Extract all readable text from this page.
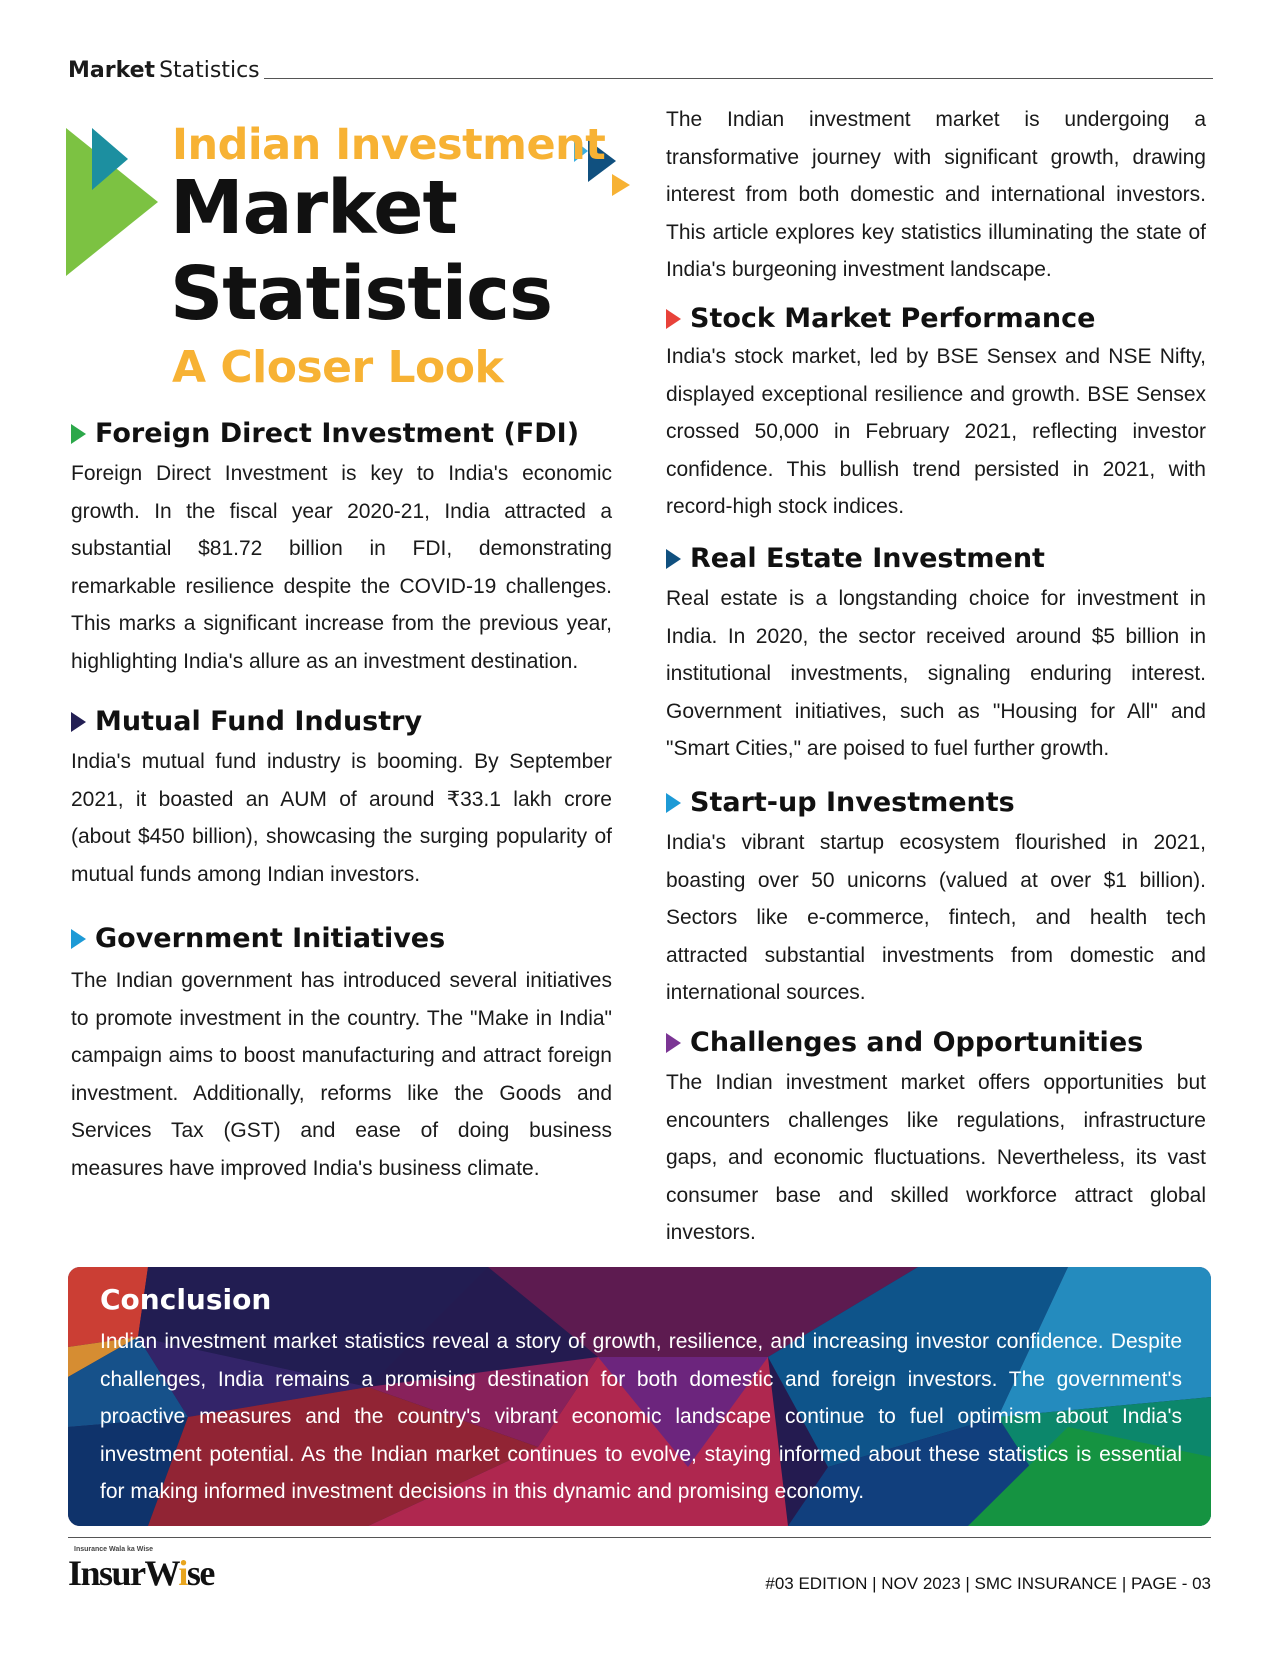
Market Statistics
Indian Investment
Market
Statistics
A Closer Look
Foreign Direct Investment (FDI)
Foreign Direct Investment is key to India's economic growth. In the fiscal year 2020-21, India attracted a substantial $81.72 billion in FDI, demonstrating remarkable resilience despite the COVID-19 challenges. This marks a significant increase from the previous year, highlighting India's allure as an investment destination.
Mutual Fund Industry
India's mutual fund industry is booming. By September 2021, it boasted an AUM of around ₹33.1 lakh crore (about $450 billion), showcasing the surging popularity of mutual funds among Indian investors.
Government Initiatives
The Indian government has introduced several initiatives to promote investment in the country. The "Make in India" campaign aims to boost manufacturing and attract foreign investment. Additionally, reforms like the Goods and Services Tax (GST) and ease of doing business measures have improved India's business climate.
The Indian investment market is undergoing a transformative journey with significant growth, drawing interest from both domestic and international investors. This article explores key statistics illuminating the state of India's burgeoning investment landscape.
Stock Market Performance
India's stock market, led by BSE Sensex and NSE Nifty, displayed exceptional resilience and growth. BSE Sensex crossed 50,000 in February 2021, reflecting investor confidence. This bullish trend persisted in 2021, with record-high stock indices.
Real Estate Investment
Real estate is a longstanding choice for investment in India. In 2020, the sector received around $5 billion in institutional investments, signaling enduring interest. Government initiatives, such as "Housing for All" and "Smart Cities," are poised to fuel further growth.
Start-up Investments
India's vibrant startup ecosystem flourished in 2021, boasting over 50 unicorns (valued at over $1 billion). Sectors like e-commerce, fintech, and health tech attracted substantial investments from domestic and international sources.
Challenges and Opportunities
The Indian investment market offers opportunities but encounters challenges like regulations, infrastructure gaps, and economic fluctuations. Nevertheless, its vast consumer base and skilled workforce attract global investors.
Conclusion
Indian investment market statistics reveal a story of growth, resilience, and increasing investor confidence. Despite challenges, India remains a promising destination for both domestic and foreign investors. The government's proactive measures and the country's vibrant economic landscape continue to fuel optimism about India's investment potential. As the Indian market continues to evolve, staying informed about these statistics is essential for making informed investment decisions in this dynamic and promising economy.
Insurance Wala ka Wise
InsurWise	#03 EDITION | NOV 2023 | SMC INSURANCE | PAGE - 03
